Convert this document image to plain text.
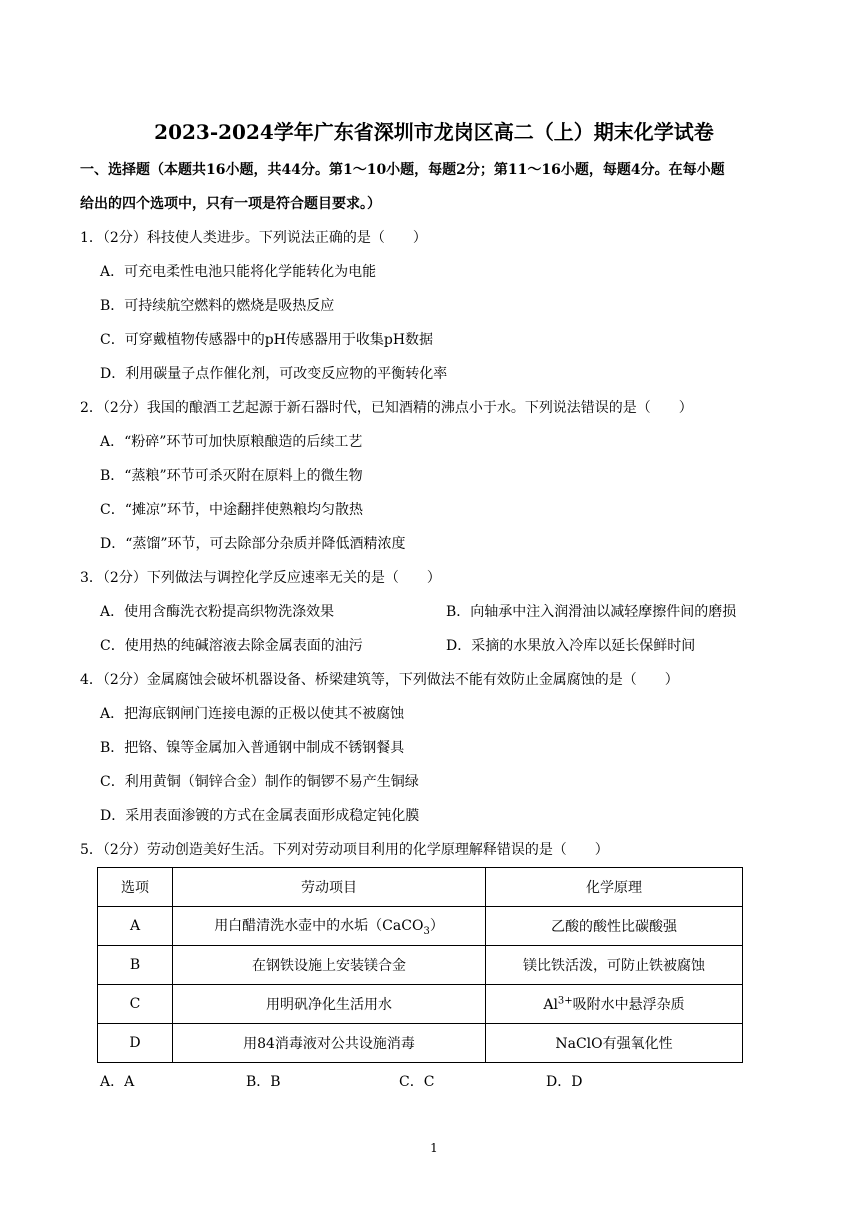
2023-2024学年广东省深圳市龙岗区高二（上）期末化学试卷
一、选择题（本题共16小题，共44分。第1～10小题，每题2分；第11～16小题，每题4分。在每小题
给出的四个选项中，只有一项是符合题目要求。）
1．（2分）科技使人类进步。下列说法正确的是（　　）
A．可充电柔性电池只能将化学能转化为电能
B．可持续航空燃料的燃烧是吸热反应
C．可穿戴植物传感器中的pH传感器用于收集pH数据
D．利用碳量子点作催化剂，可改变反应物的平衡转化率
2．（2分）我国的酿酒工艺起源于新石器时代，已知酒精的沸点小于水。下列说法错误的是（　　）
A．“粉碎”环节可加快原粮酿造的后续工艺
B．“蒸粮”环节可杀灭附在原料上的微生物
C．“摊凉”环节，中途翻拌使熟粮均匀散热
D．“蒸馏”环节，可去除部分杂质并降低酒精浓度
3．（2分）下列做法与调控化学反应速率无关的是（　　）
A．使用含酶洗衣粉提高织物洗涤效果	B．向轴承中注入润滑油以减轻摩擦件间的磨损
C．使用热的纯碱溶液去除金属表面的油污	D．采摘的水果放入冷库以延长保鲜时间
4．（2分）金属腐蚀会破坏机器设备、桥梁建筑等，下列做法不能有效防止金属腐蚀的是（　　）
A．把海底钢闸门连接电源的正极以使其不被腐蚀
B．把铬、镍等金属加入普通钢中制成不锈钢餐具
C．利用黄铜（铜锌合金）制作的铜锣不易产生铜绿
D．采用表面渗镀的方式在金属表面形成稳定钝化膜
5．（2分）劳动创造美好生活。下列对劳动项目利用的化学原理解释错误的是（　　）
选项	劳动项目	化学原理
A	用白醋清洗水壶中的水垢（CaCO$_3$）	乙酸的酸性比碳酸强
B	在钢铁设施上安装镁合金	镁比铁活泼，可防止铁被腐蚀
C	用明矾净化生活用水	$Al^{3+}$吸附水中悬浮杂质
D	用84消毒液对公共设施消毒	NaClO有强氧化性
A．A	B．B	C．C	D．D
1
